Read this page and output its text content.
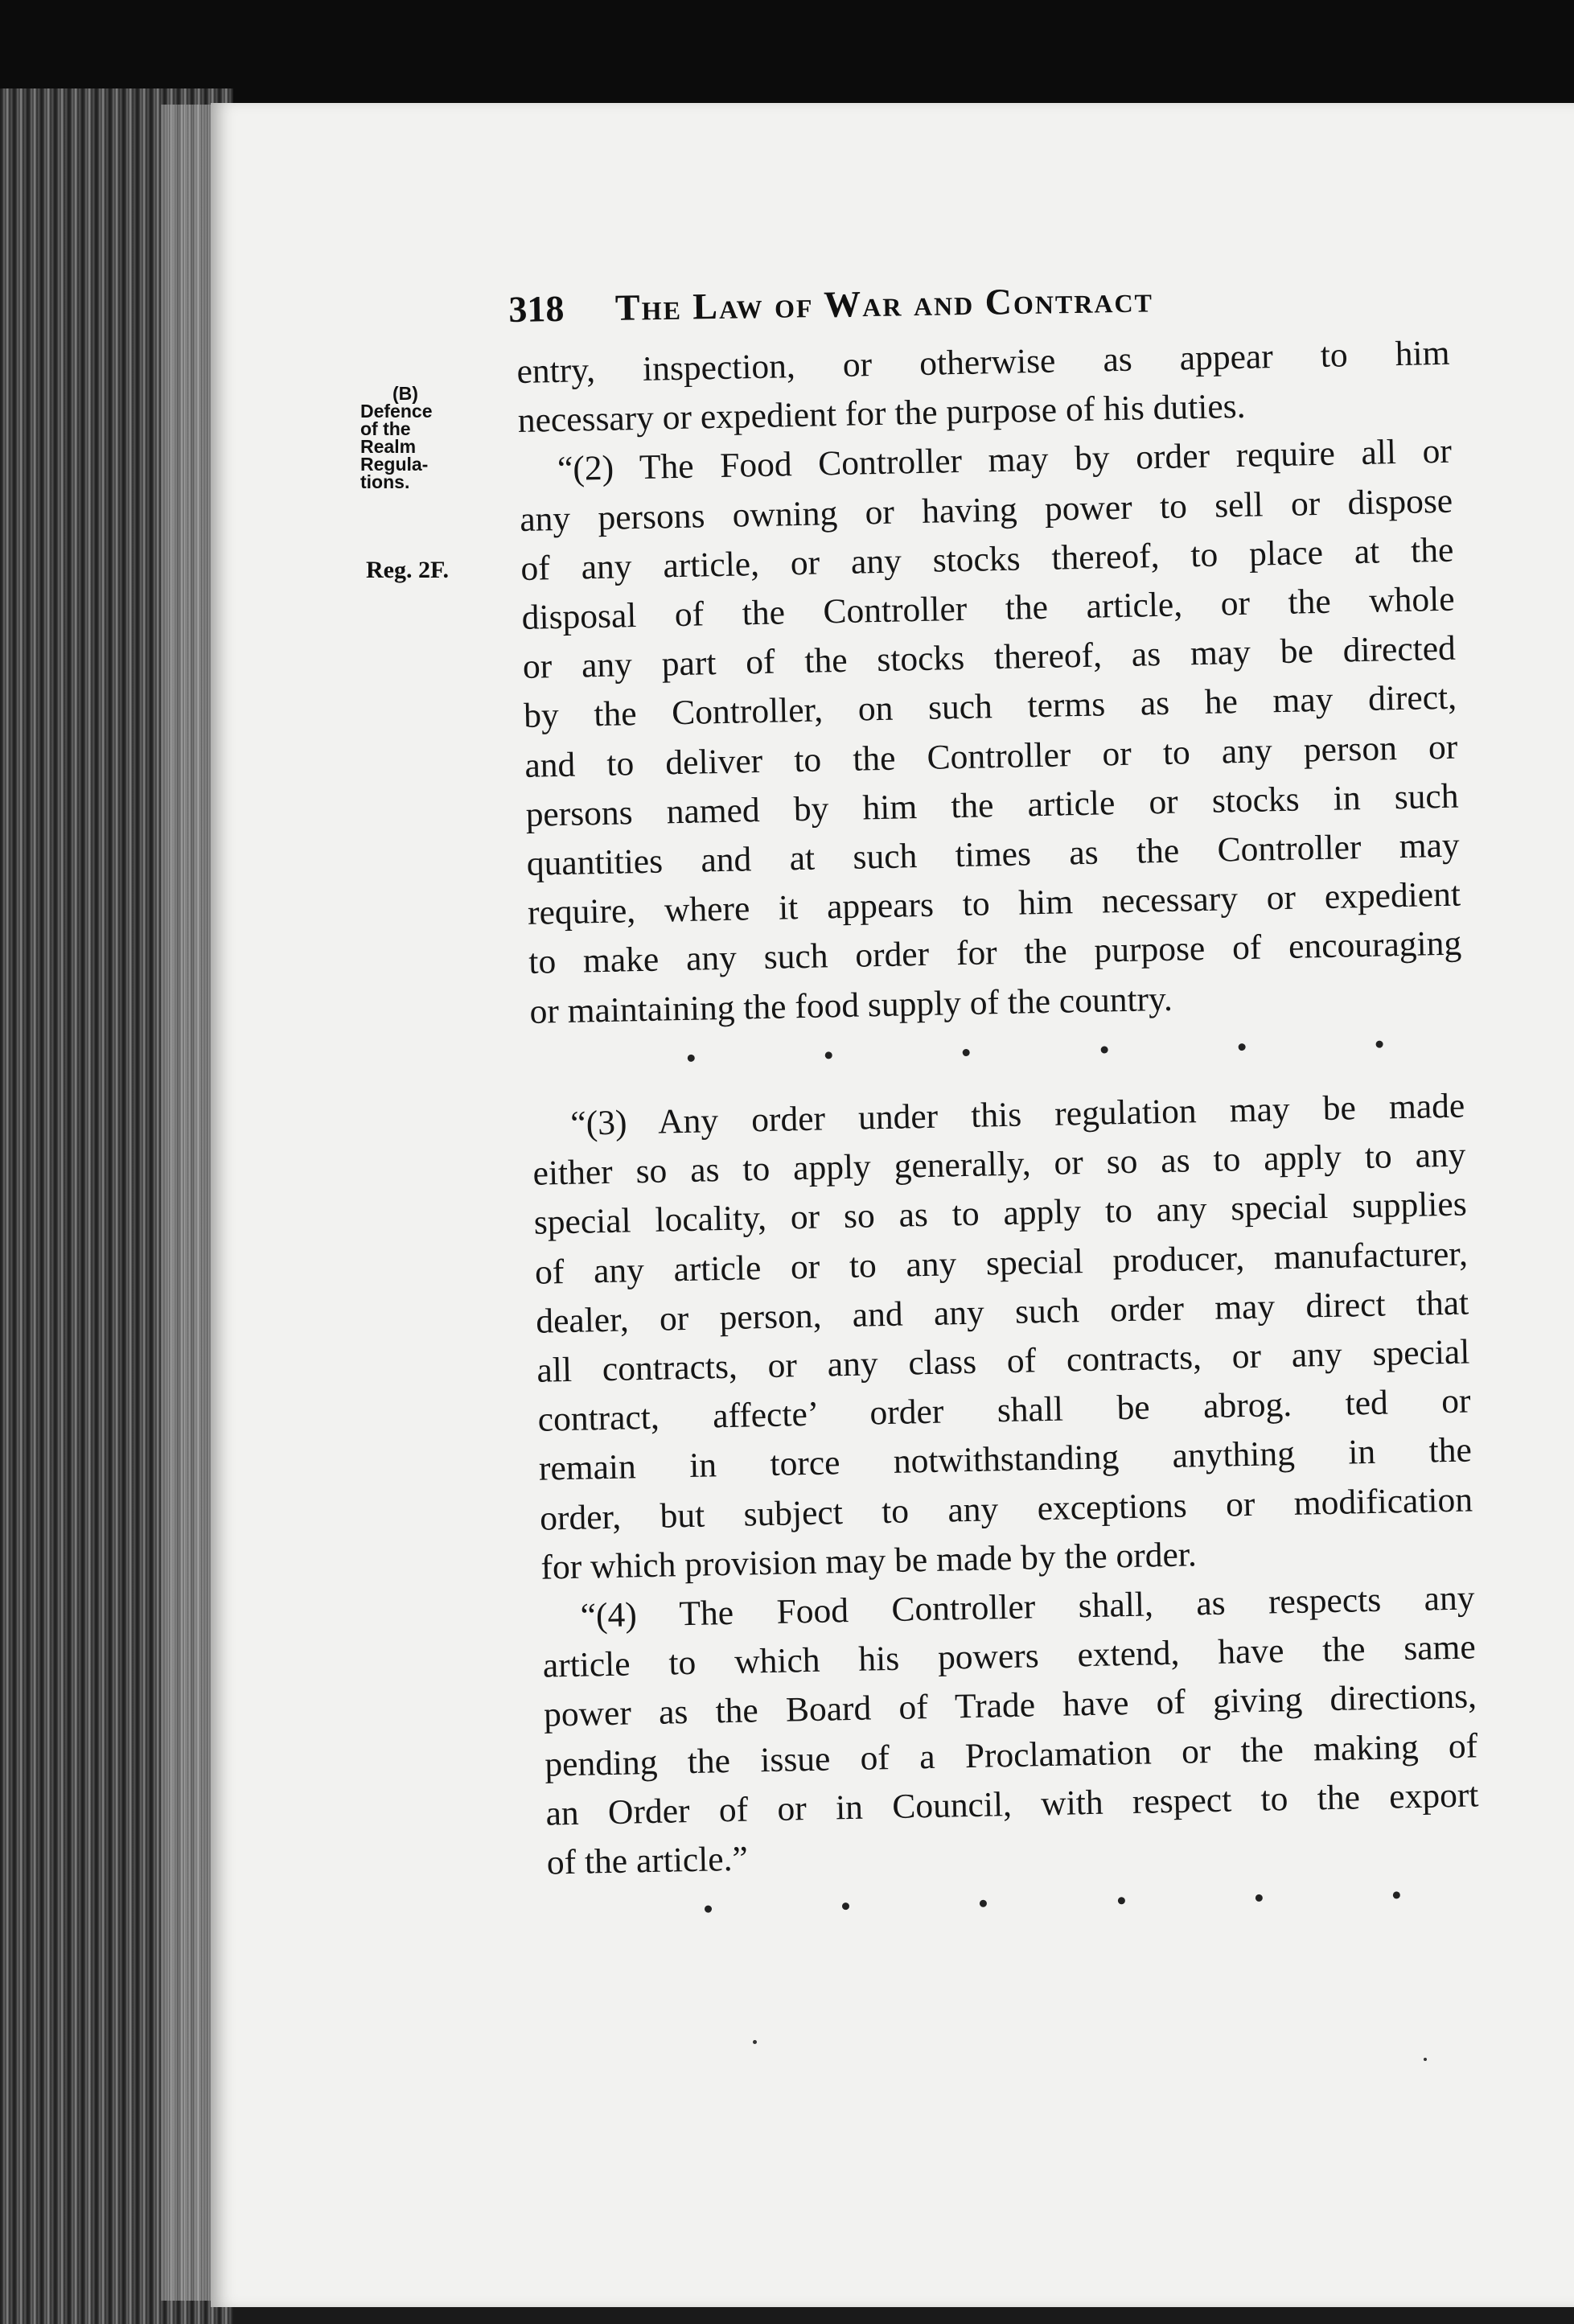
318 The Law of War and Contract
(B)
Defence
of the
Realm
Regula-
tions.
Reg. 2F.
entry, inspection, or otherwise as appear to him
necessary or expedient for the purpose of his duties.
“(2) The Food Controller may by order require all or
any persons owning or having power to sell or dispose
of any article, or any stocks thereof, to place at the
disposal of the Controller the article, or the whole
or any part of the stocks thereof, as may be directed
by the Controller, on such terms as he may direct,
and to deliver to the Controller or to any person or
persons named by him the article or stocks in such
quantities and at such times as the Controller may
require, where it appears to him necessary or expedient
to make any such order for the purpose of encouraging
or maintaining the food supply of the country.
“(3) Any order under this regulation may be made
either so as to apply generally, or so as to apply to any
special locality, or so as to apply to any special supplies
of any article or to any special producer, manufacturer,
dealer, or person, and any such order may direct that
all contracts, or any class of contracts, or any special
contract, affecte’ order shall be abrog. ted or
remain in torce notwithstanding anything in the
order, but subject to any exceptions or modification
for which provision may be made by the order.
“(4) The Food Controller shall, as respects any
article to which his powers extend, have the same
power as the Board of Trade have of giving directions,
pending the issue of a Proclamation or the making of
an Order of or in Council, with respect to the export
of the article.”
